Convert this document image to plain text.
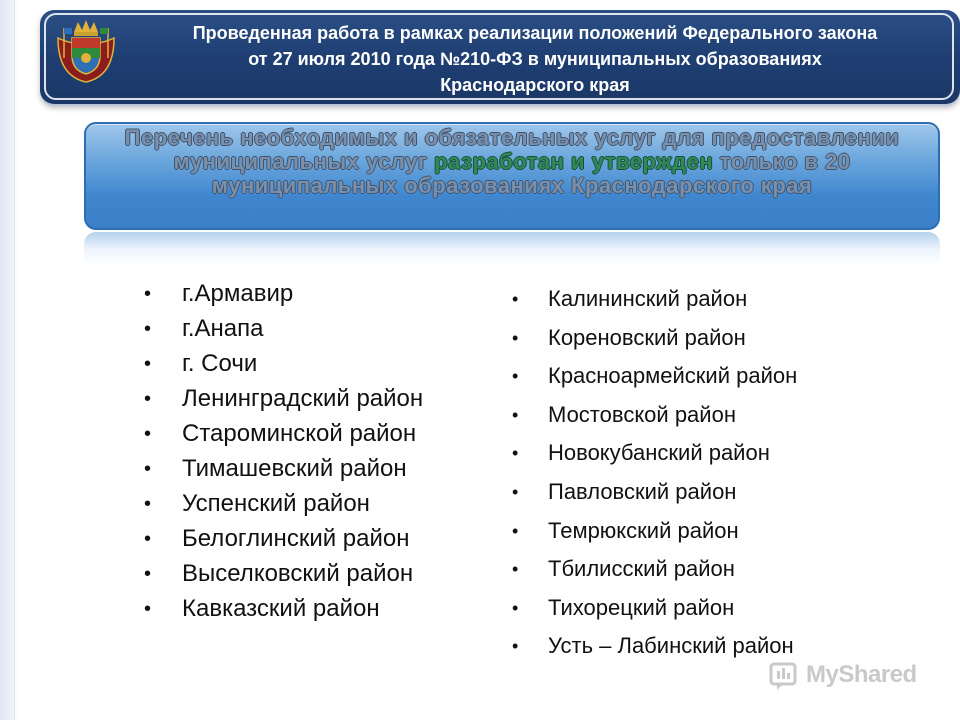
Проведенная работа в рамках реализации положений Федерального закона
от 27 июля 2010 года №210-ФЗ в муниципальных образованиях
Краснодарского края
Перечень необходимых и обязательных услуг для предоставлении муниципальных услуг разработан и утвержден только в 20 муниципальных образованиях Краснодарского края
• г.Армавир
• г.Анапа
• г. Сочи
• Ленинградский район
• Староминской район
• Тимашевский район
• Успенский район
• Белоглинский район
• Выселковский район
• Кавказский район
• Калининский район
• Кореновский район
• Красноармейский район
• Мостовской район
• Новокубанский район
• Павловский район
• Темрюкский район
• Тбилисский район
• Тихорецкий район
• Усть – Лабинский район
MyShared
